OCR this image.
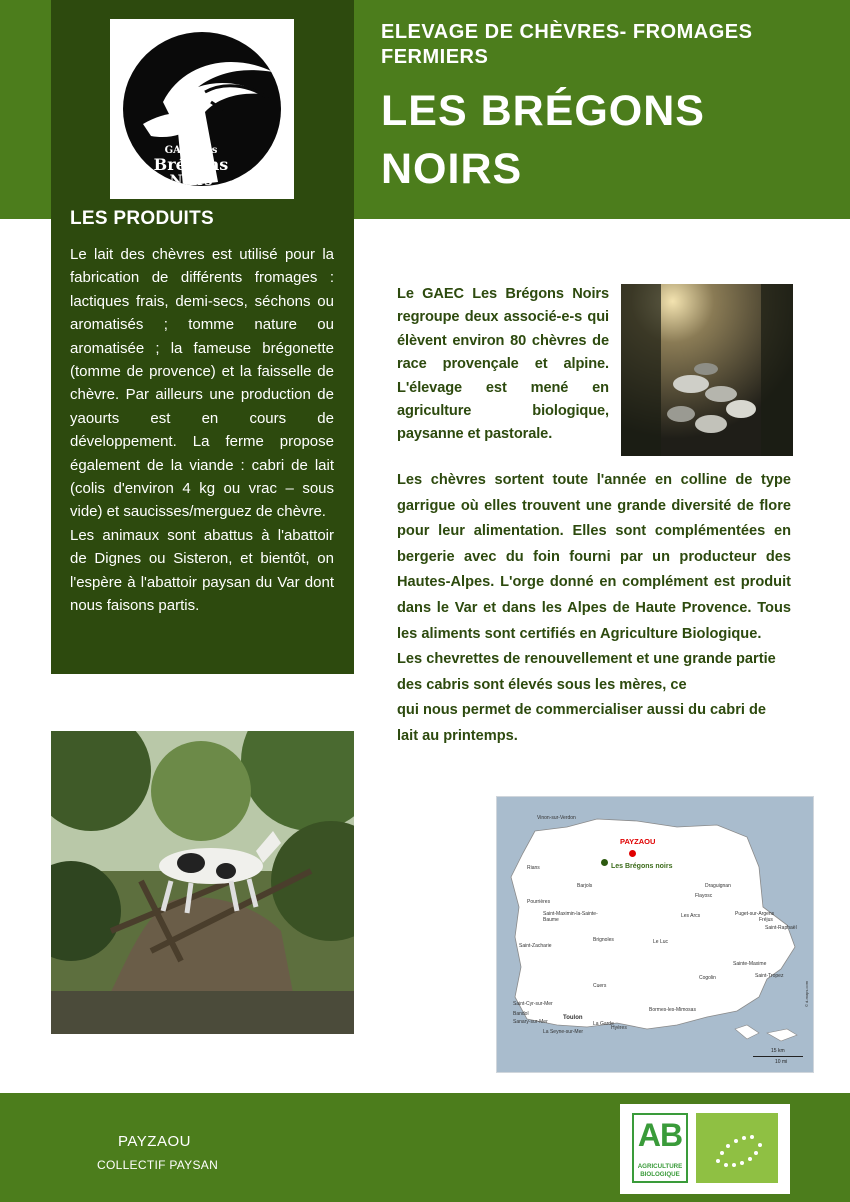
GAEC les
Brégons
Noirs
ELEVAGE DE CHÈVRES- FROMAGES FERMIERS
LES BRÉGONS NOIRS
LES PRODUITS

Le lait des chèvres est utilisé pour la fabrication de différents fromages : lactiques frais, demi-secs, séchons ou aromatisés ; tomme nature ou aromatisée ; la fameuse brégonette (tomme de provence) et la faisselle de chèvre. Par ailleurs une production de yaourts est en cours de développement. La ferme propose également de la viande : cabri de lait (colis d'environ 4 kg ou vrac – sous vide) et saucisses/merguez de chèvre.

Les animaux sont abattus à l'abattoir de Dignes ou Sisteron, et bientôt, on l'espère à l'abattoir paysan du Var dont nous faisons partis.

Le GAEC Les Brégons Noirs regroupe deux associé-e-s qui élèvent environ 80 chèvres de race provençale et alpine. L'élevage est mené en agriculture biologique, paysanne et pastorale.

Les chèvres sortent toute l'année en colline de type garrigue où elles trouvent une grande diversité de flore pour leur alimentation. Elles sont complémentées en bergerie avec du foin fourni par un producteur des Hautes-Alpes. L'orge donné en complément est produit dans le Var et dans les Alpes de Haute Provence. Tous les aliments sont certifiés en Agriculture Biologique.

Les chevrettes de renouvellement et une grande partie des cabris sont élevés sous les mères, ce

qui nous permet de commercialiser aussi du cabri de lait au printemps.

PAYZAOU
Les Brégons noirs
Vinon-sur-Verdon
Rians
Barjols	Draguignan
Flayosc
Pourrières
Saint-Maximin-la-Sainte-Baume
Les Arcs	Puget-sur-Argens
Fréjus
Saint-Raphaël
Brignoles
Saint-Zacharie
Le Luc
Sainte-Maxime
Saint-Tropez
Cogolin
Cuers
Saint-Cyr-sur-Mer
Bandol
Sanary-sur-Mer
Toulon
La Seyne-sur-Mer
La Garde
Hyères
Bormes-les-Mimosas
15 km
10 mi
© d-maps.com
PAYZAOU
COLLECTIF PAYSAN
AB
AGRICULTURE
BIOLOGIQUE
